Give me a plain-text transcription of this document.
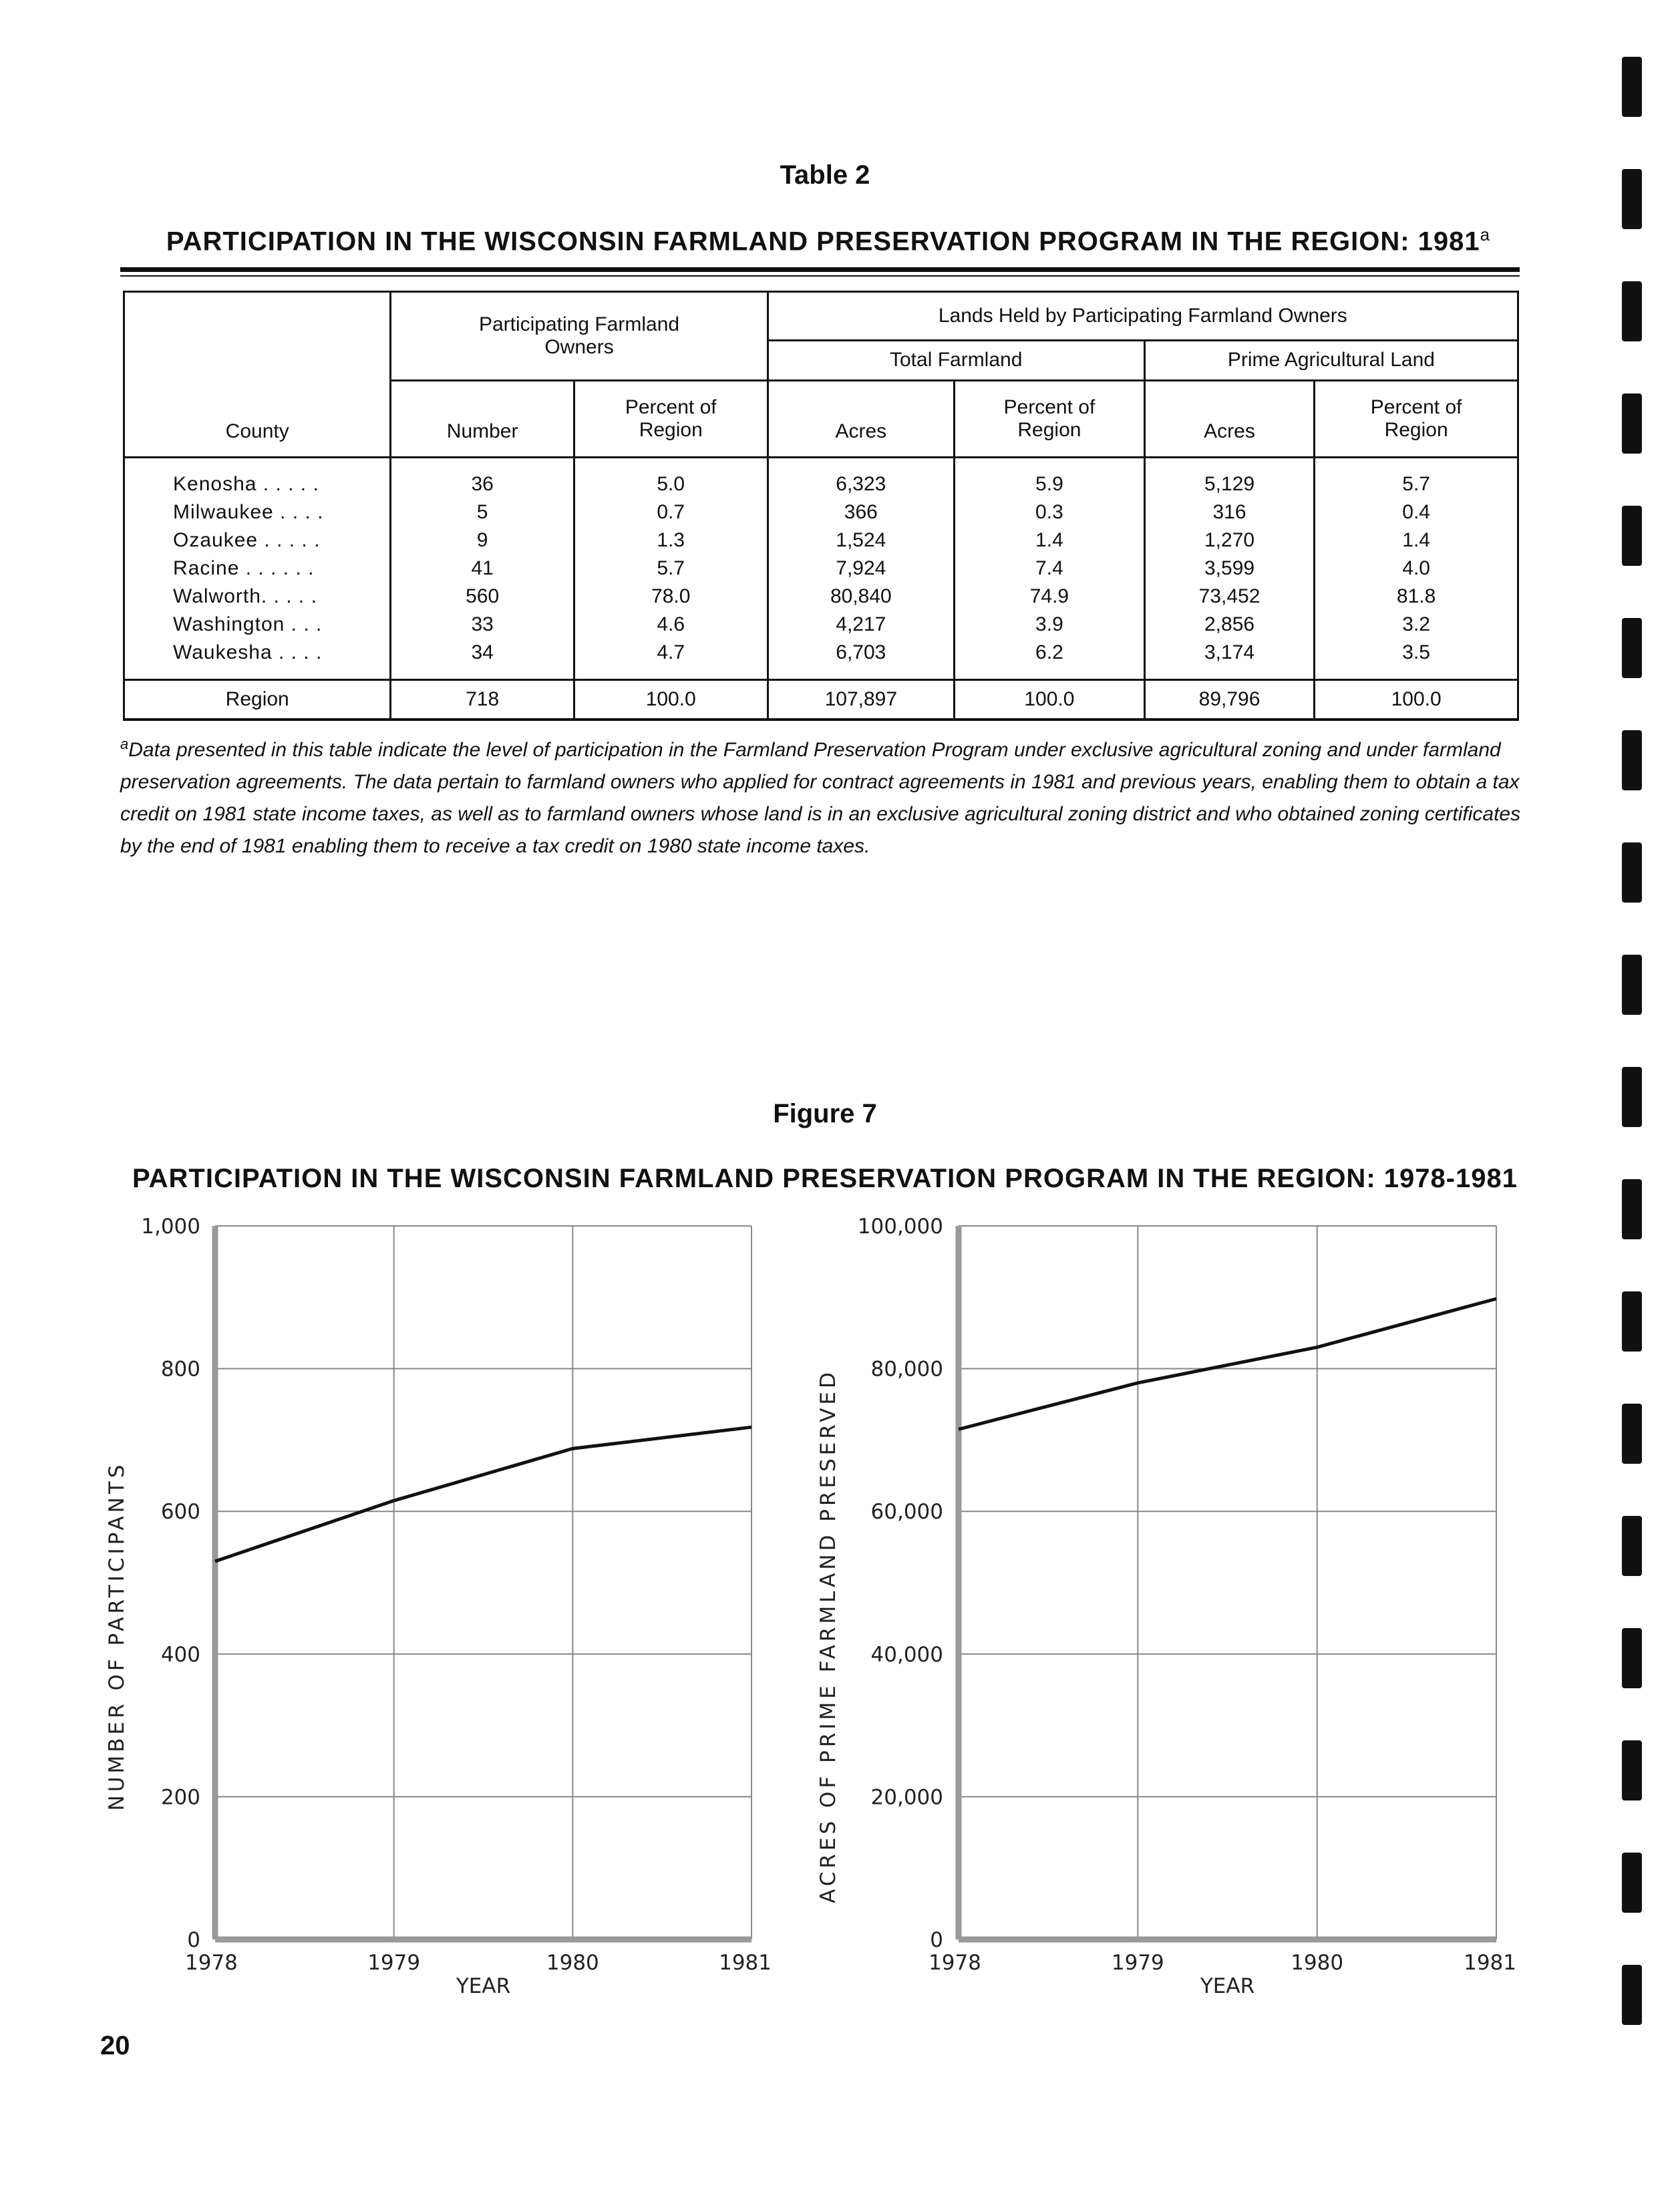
Table 2
PARTICIPATION IN THE WISCONSIN FARMLAND PRESERVATION PROGRAM IN THE REGION: 1981$^a$
County	Participating Farmland Owners		Lands Held by Participating Farmland Owners			
			Total Farmland		Prime Agricultural Land	
	Number	Percent of Region	Acres	Percent of Region	Acres	Percent of Region
Kenosha . . . . .	36	5.0	6,323	5.9	5,129	5.7
Milwaukee . . . .	5	0.7	366	0.3	316	0.4
Ozaukee . . . . .	9	1.3	1,524	1.4	1,270	1.4
Racine . . . . . .	41	5.7	7,924	7.4	3,599	4.0
Walworth. . . . .	560	78.0	80,840	74.9	73,452	81.8
Washington . . .	33	4.6	4,217	3.9	2,856	3.2
Waukesha . . . .	34	4.7	6,703	6.2	3,174	3.5
Region	718	100.0	107,897	100.0	89,796	100.0
$^a$Data presented in this table indicate the level of participation in the Farmland Preservation Program under exclusive agricultural zoning and under farmland preservation agreements. The data pertain to farmland owners who applied for contract agreements in 1981 and previous years, enabling them to obtain a tax credit on 1981 state income taxes, as well as to farmland owners whose land is in an exclusive agricultural zoning district and who obtained zoning certificates by the end of 1981 enabling them to receive a tax credit on 1980 state income taxes.
Figure 7
PARTICIPATION IN THE WISCONSIN FARMLAND PRESERVATION PROGRAM IN THE REGION: 1978-1981
0
200
400
600
800
1,000
1978	1979	1980	1981
YEAR
NUMBER OF PARTICIPANTS
0
20,000
40,000
60,000
80,000
100,000
1978	1979	1980	1981
YEAR
ACRES OF PRIME FARMLAND PRESERVED
20
